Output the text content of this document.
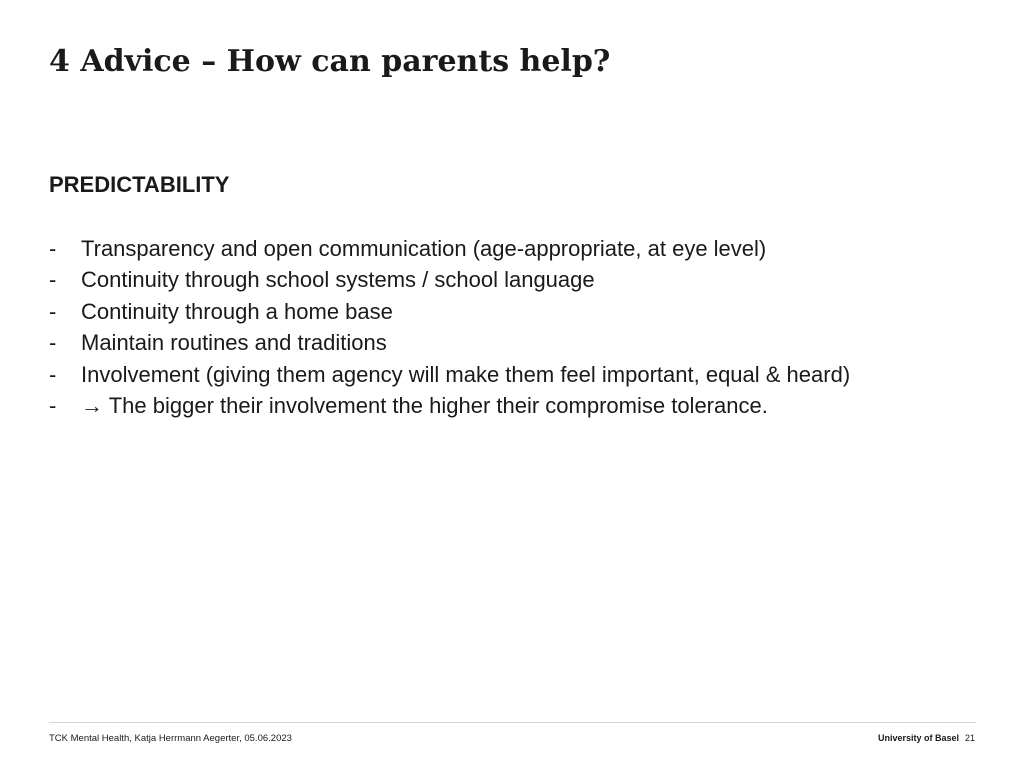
4 Advice – How can parents help?
PREDICTABILITY
- Transparency and open communication (age-appropriate, at eye level)
- Continuity through school systems / school language
- Continuity through a home base
- Maintain routines and traditions
- Involvement (giving them agency will make them feel important, equal & heard)
- → The bigger their involvement the higher their compromise tolerance.
TCK Mental Health, Katja Herrmann Aegerter, 05.06.2023	University of Basel 21
